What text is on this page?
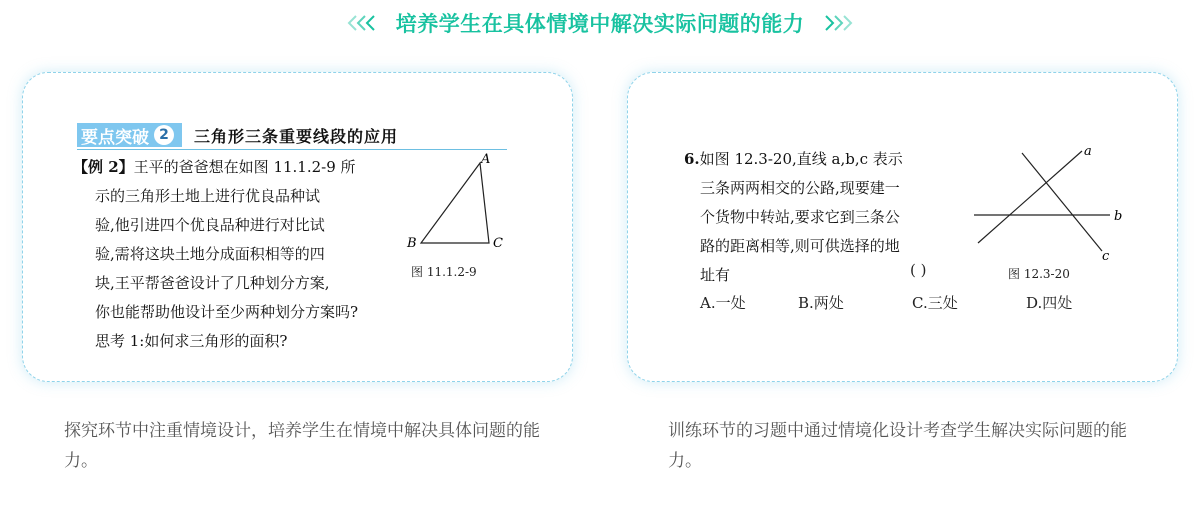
培养学生在具体情境中解决实际问题的能力
要点突破 2	三角形三条重要线段的应用

【例 2】王平的爸爸想在如图 11.1.2-9 所

示的三角形土地上进行优良品种试

验,他引进四个优良品种进行对比试

验,需将这块土地分成面积相等的四

块,王平帮爸爸设计了几种划分方案,

你也能帮助他设计至少两种划分方案吗?

思考 1:如何求三角形的面积?

A
B	C
图 11.1.2-9

6.如图 12.3-20,直线 a,b,c 表示

三条两两相交的公路,现要建一

个货物中转站,要求它到三条公

路的距离相等,则可供选择的地

址有	( )
A.一处	B.两处	C.三处	D.四处
a
b
c
图 12.3-20
探究环节中注重情境设计，培养学生在情境中解决具体问题的能力。
训练环节的习题中通过情境化设计考查学生解决实际问题的能力。
